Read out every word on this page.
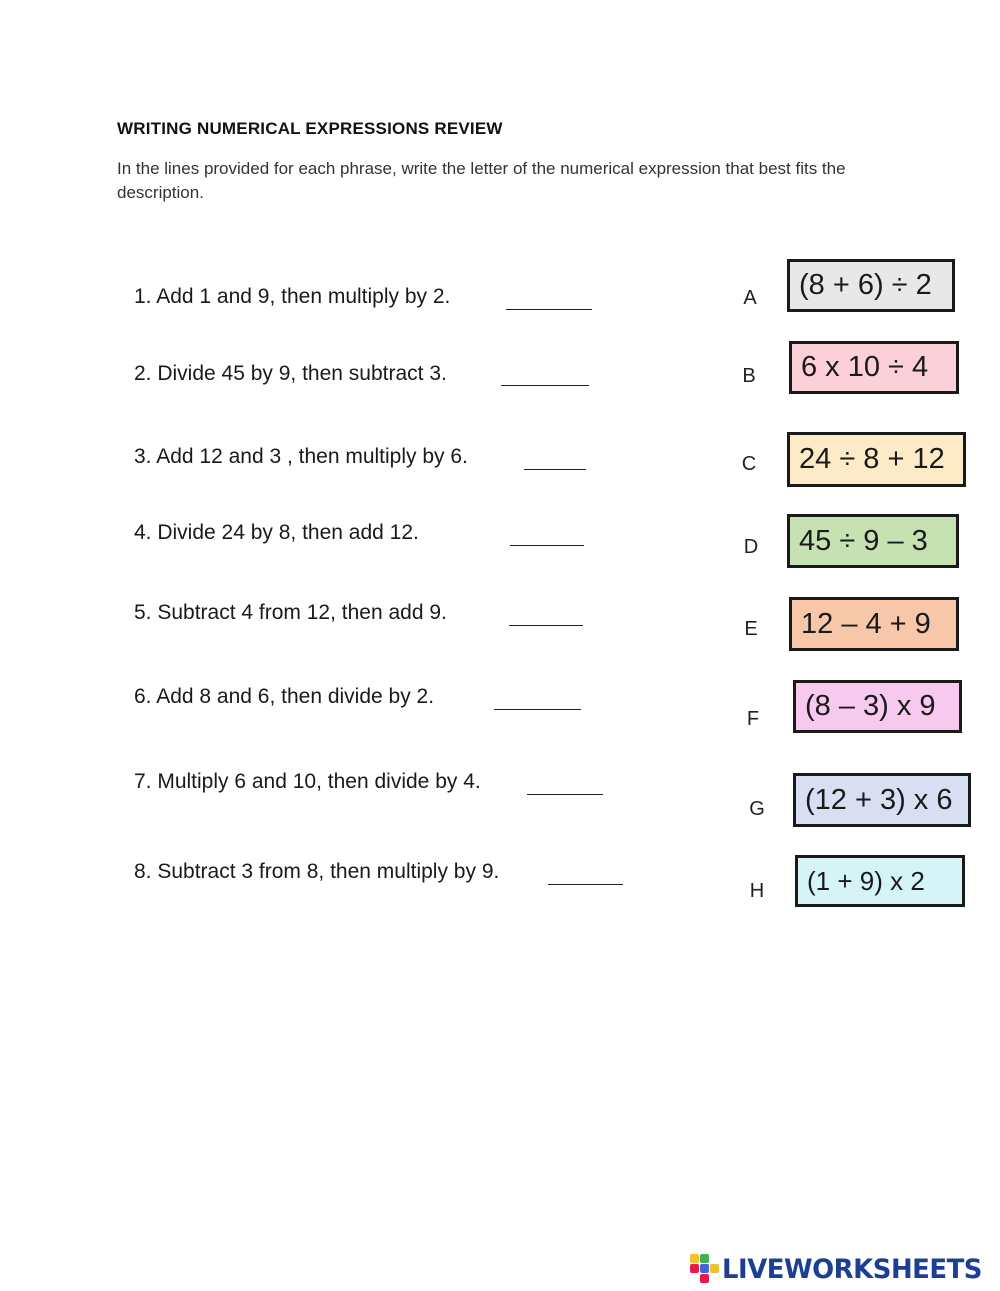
WRITING NUMERICAL EXPRESSIONS REVIEW
In the lines provided for each phrase, write the letter of the numerical expression that best fits the description.
1. Add 1 and 9, then multiply by 2.
2. Divide 45 by 9, then subtract 3.
3. Add 12 and 3 , then multiply by 6.
4. Divide 24 by 8, then add 12.
5. Subtract 4 from 12, then add 9.
6. Add 8 and 6, then divide by 2.
7. Multiply 6 and 10, then divide by 4.
8. Subtract 3 from 8, then multiply by 9.
A
B
C
D
E
F
G
H
(8 + 6) ÷ 2
6 x 10 ÷ 4
24 ÷ 8 + 12
45 ÷ 9 – 3
12 – 4 + 9
(8 – 3) x 9
(12 + 3) x 6
(1 + 9) x 2
LIVEWORKSHEETS
